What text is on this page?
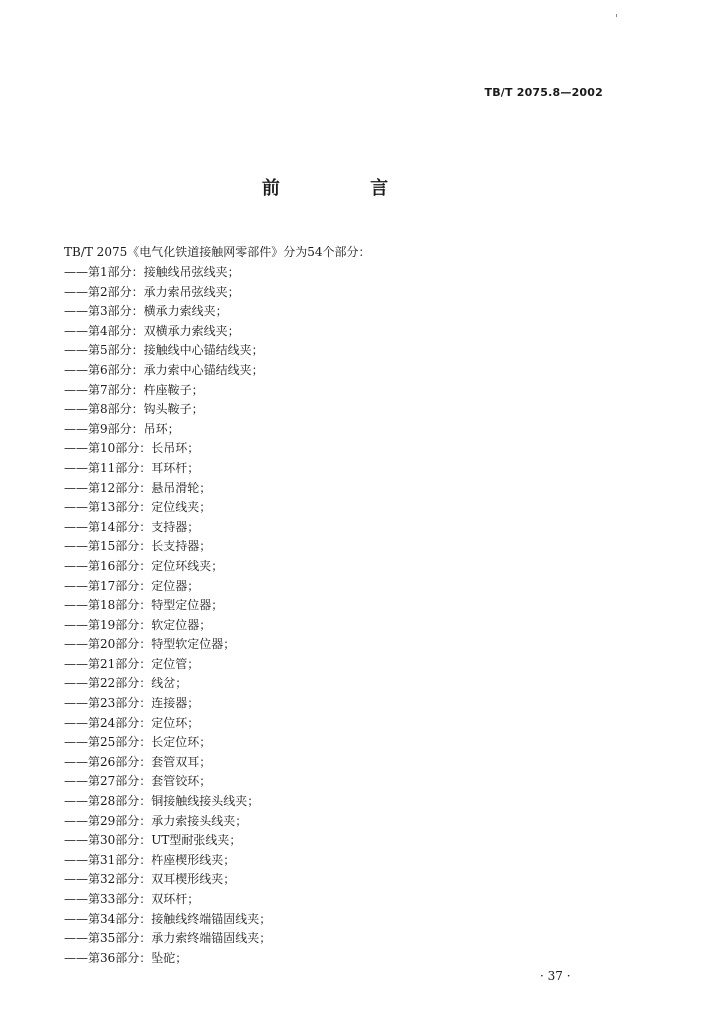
TB/T 2075.8—2002
前 言
TB/T 2075《电气化铁道接触网零部件》分为54个部分：
——第1部分：接触线吊弦线夹；
——第2部分：承力索吊弦线夹；
——第3部分：横承力索线夹；
——第4部分：双横承力索线夹；
——第5部分：接触线中心锚结线夹；
——第6部分：承力索中心锚结线夹；
——第7部分：杵座鞍子；
——第8部分：钩头鞍子；
——第9部分：吊环；
——第10部分：长吊环；
——第11部分：耳环杆；
——第12部分：悬吊滑轮；
——第13部分：定位线夹；
——第14部分：支持器；
——第15部分：长支持器；
——第16部分：定位环线夹；
——第17部分：定位器；
——第18部分：特型定位器；
——第19部分：软定位器；
——第20部分：特型软定位器；
——第21部分：定位管；
——第22部分：线岔；
——第23部分：连接器；
——第24部分：定位环；
——第25部分：长定位环；
——第26部分：套管双耳；
——第27部分：套管铰环；
——第28部分：铜接触线接头线夹；
——第29部分：承力索接头线夹；
——第30部分：UT型耐张线夹；
——第31部分：杵座楔形线夹；
——第32部分：双耳楔形线夹；
——第33部分：双环杆；
——第34部分：接触线终端锚固线夹；
——第35部分：承力索终端锚固线夹；
——第36部分：坠砣；
· 37 ·
